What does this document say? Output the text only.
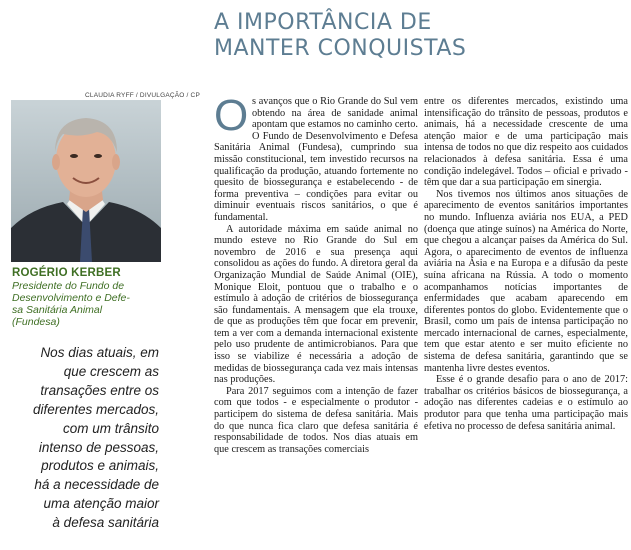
A IMPORTÂNCIA DE
MANTER CONQUISTAS
CLAUDIA RYFF / DIVULGAÇÃO / CP
ROGÉRIO KERBER
Presidente do Fundo de
Desenvolvimento e Defe-
sa Sanitária Animal
(Fundesa)
Nos dias atuais, em
que crescem as
transações entre os
diferentes mercados,
com um trânsito
intenso de pessoas,
produtos e animais,
há a necessidade de
uma atenção maior
à defesa sanitária

Os avanços que o Rio Grande do Sul vem obtendo na área de sanidade animal apontam que estamos no caminho certo. O Fundo de Desenvolvimento e Defesa Sanitária Animal (Fundesa), cumprindo sua missão constitucional, tem investido recursos na qualificação da produção, atuando fortemente no quesito de biossegurança e estabelecendo - de forma preventiva – condições para evitar ou diminuir eventuais riscos sanitários, o que é fundamental.

A autoridade máxima em saúde animal no mundo esteve no Rio Grande do Sul em novembro de 2016 e sua presença aqui consolidou as ações do fundo. A diretora geral da Organização Mundial de Saúde Animal (OIE), Monique Eloit, pontuou que o trabalho e o estímulo à adoção de critérios de biossegurança são fundamentais. A mensagem que ela trouxe, de que as produções têm que focar em prevenir, tem a ver com a demanda internacional existente pelo uso prudente de antimicrobianos. Para que isso se viabilize é necessária a adoção de medidas de biossegurança cada vez mais intensas nas produções.

Para 2017 seguimos com a intenção de fazer com que todos - e especialmente o produtor - participem do sistema de defesa sanitária. Mais do que nunca fica claro que defesa sanitária é responsabilidade de todos. Nos dias atuais em que crescem as transações comerciais

entre os diferentes mercados, existindo uma intensificação do trânsito de pessoas, produtos e animais, há a necessidade crescente de uma atenção maior e de uma participação mais intensa de todos no que diz respeito aos cuidados relacionados à defesa sanitária. Essa é uma condição indelegável. Todos – oficial e privado - têm que dar a sua participação em sinergia.

Nos tivemos nos últimos anos situações de aparecimento de eventos sanitários importantes no mundo. Influenza aviária nos EUA, a PED (doença que atinge suínos) na América do Norte, que chegou a alcançar países da América do Sul. Agora, o aparecimento de eventos de influenza aviária na Ásia e na Europa e a difusão da peste suína africana na Rússia. A todo o momento acompanhamos notícias importantes de enfermidades que acabam aparecendo em diferentes pontos do globo. Evidentemente que o Brasil, como um país de intensa participação no mercado internacional de carnes, especialmente, tem que estar atento e ser muito eficiente no sistema de defesa sanitária, garantindo que se mantenha livre destes eventos.

Esse é o grande desafio para o ano de 2017: trabalhar os critérios básicos de biossegurança, a adoção nas diferentes cadeias e o estímulo ao produtor para que tenha uma participação mais efetiva no processo de defesa sanitária animal.
